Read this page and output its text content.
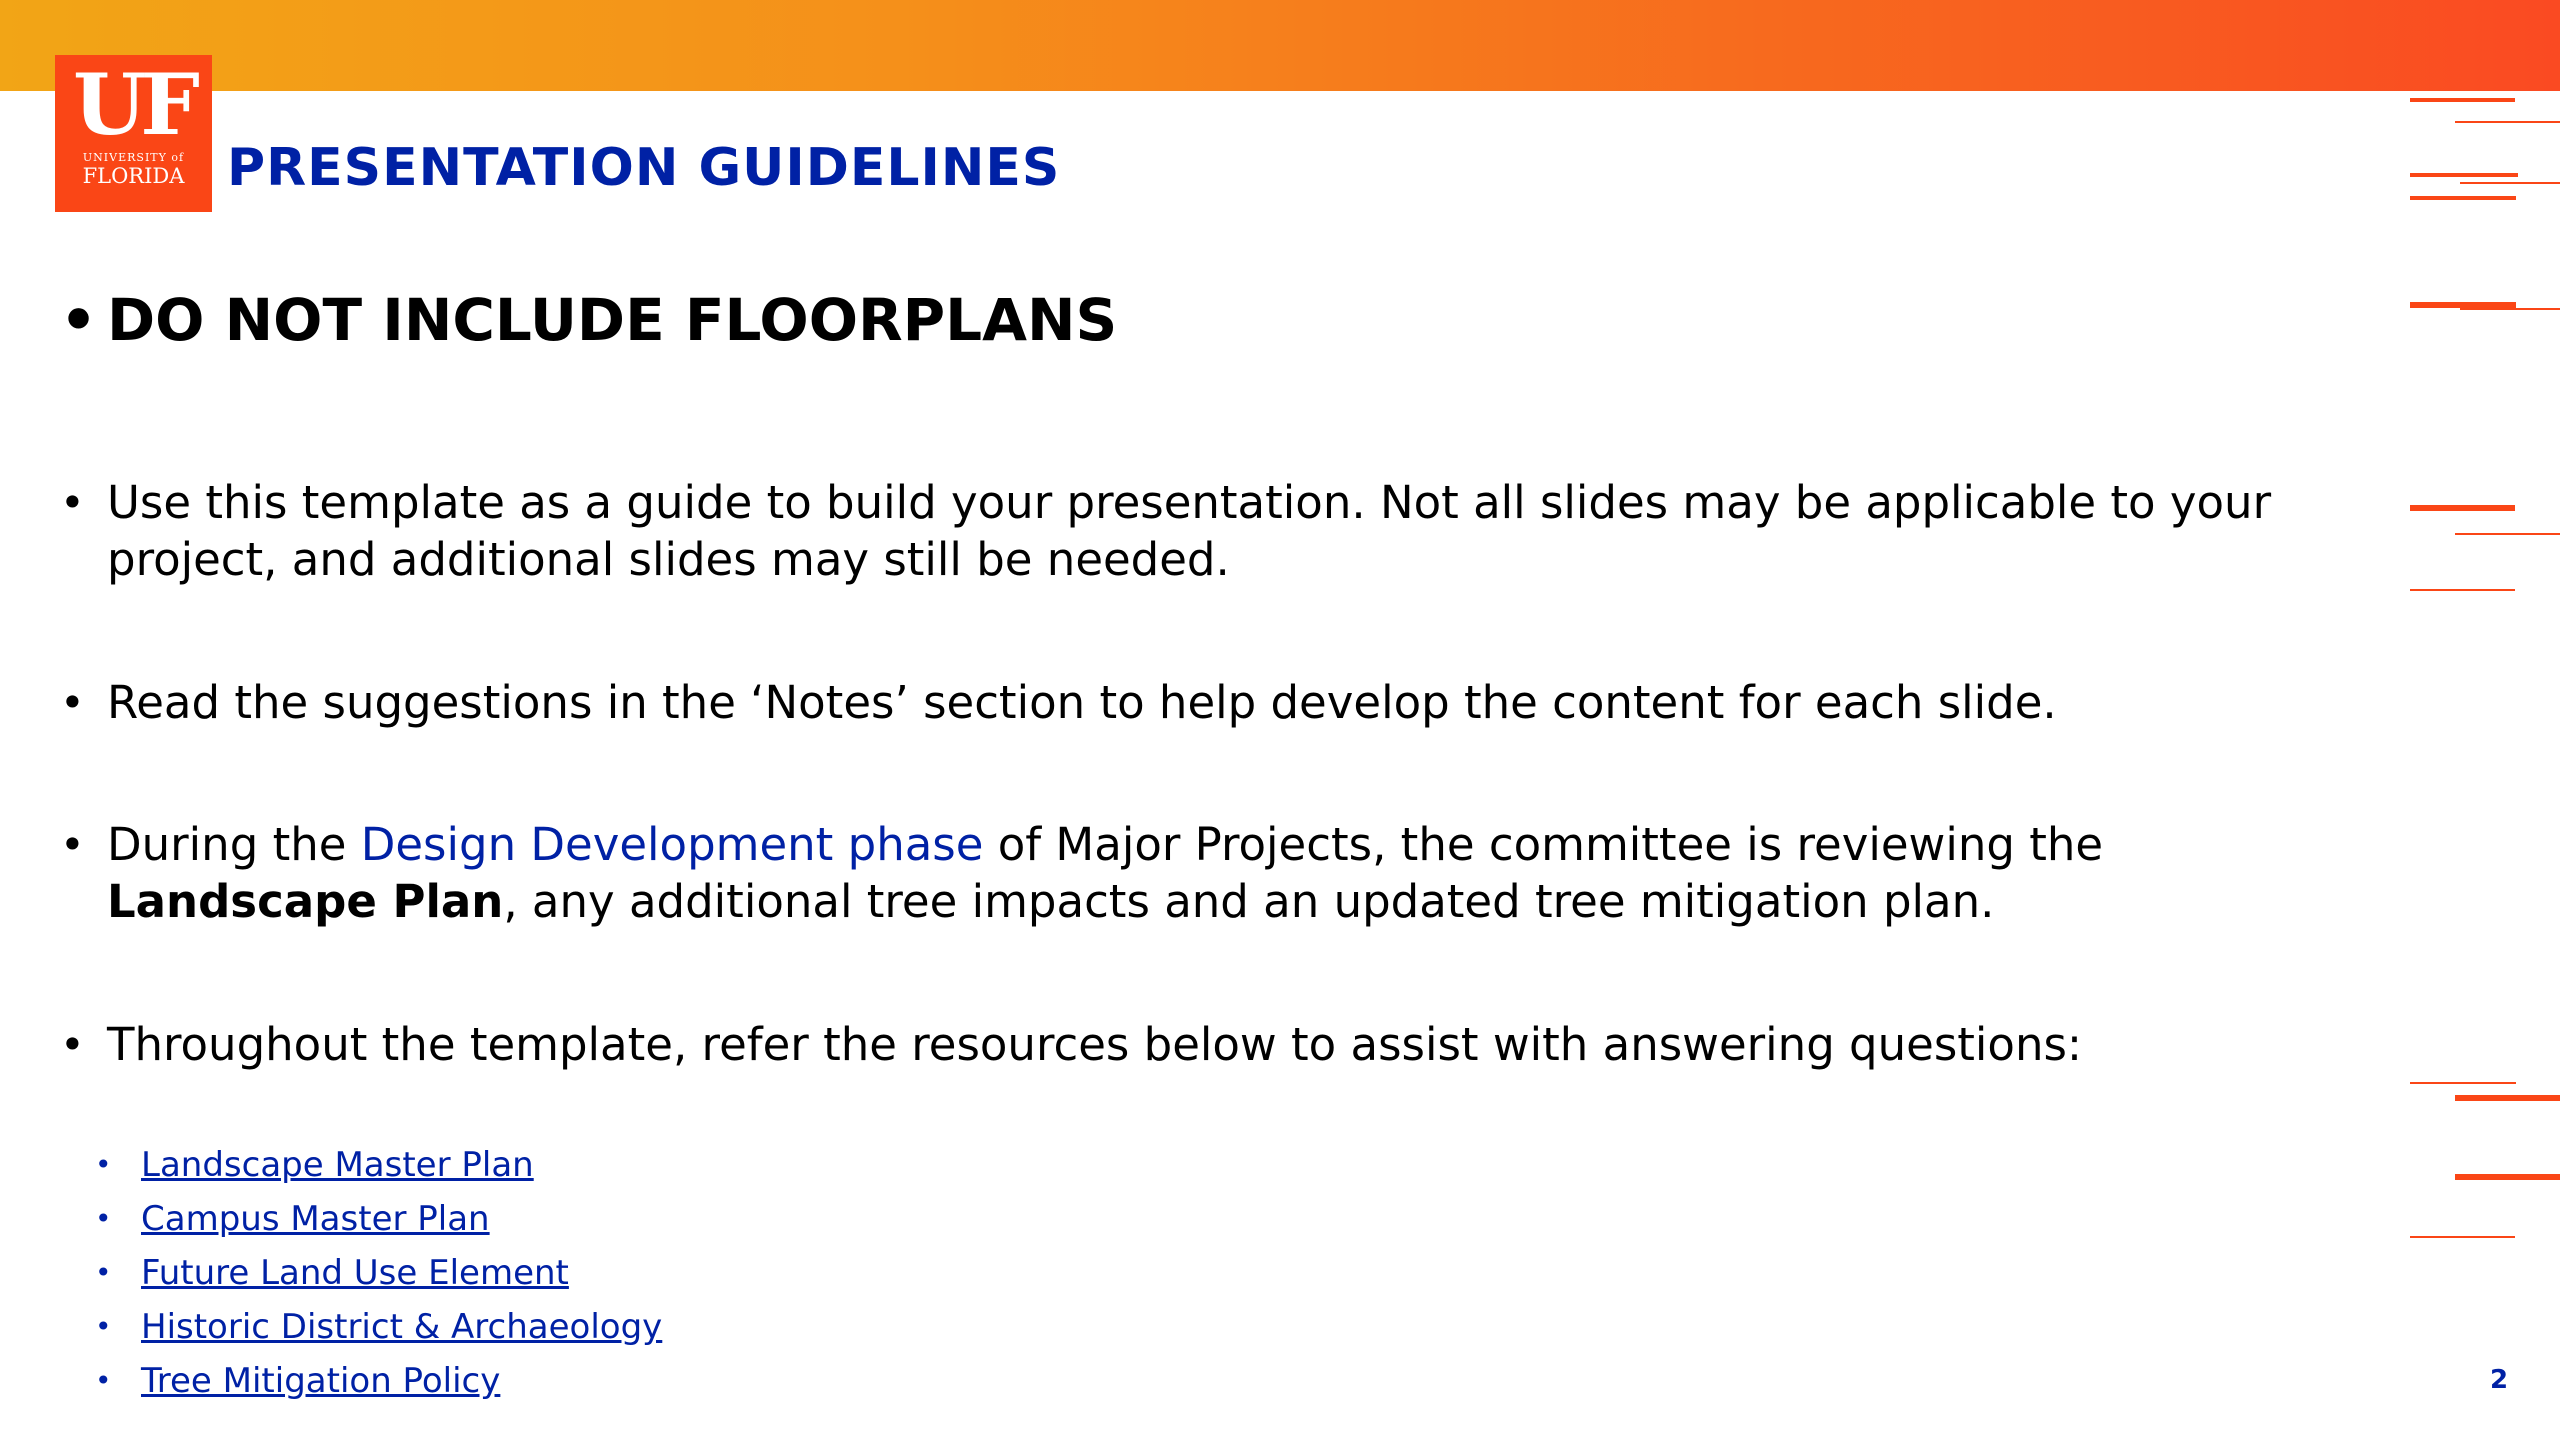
UF
UNIVERSITY of
FLORIDA PRESENTATION GUIDELINES
• DO NOT INCLUDE FLOORPLANS
• Use this template as a guide to build your presentation. Not all slides may be applicable to your project, and additional slides may still be needed.
• Read the suggestions in the ‘Notes’ section to help develop the content for each slide.
• During the Design Development phase of Major Projects, the committee is reviewing the Landscape Plan, any additional tree impacts and an updated tree mitigation plan.
• Throughout the template, refer the resources below to assist with answering questions:
• Landscape Master Plan
• Campus Master Plan
• Future Land Use Element
• Historic District & Archaeology
• Tree Mitigation Policy	2
